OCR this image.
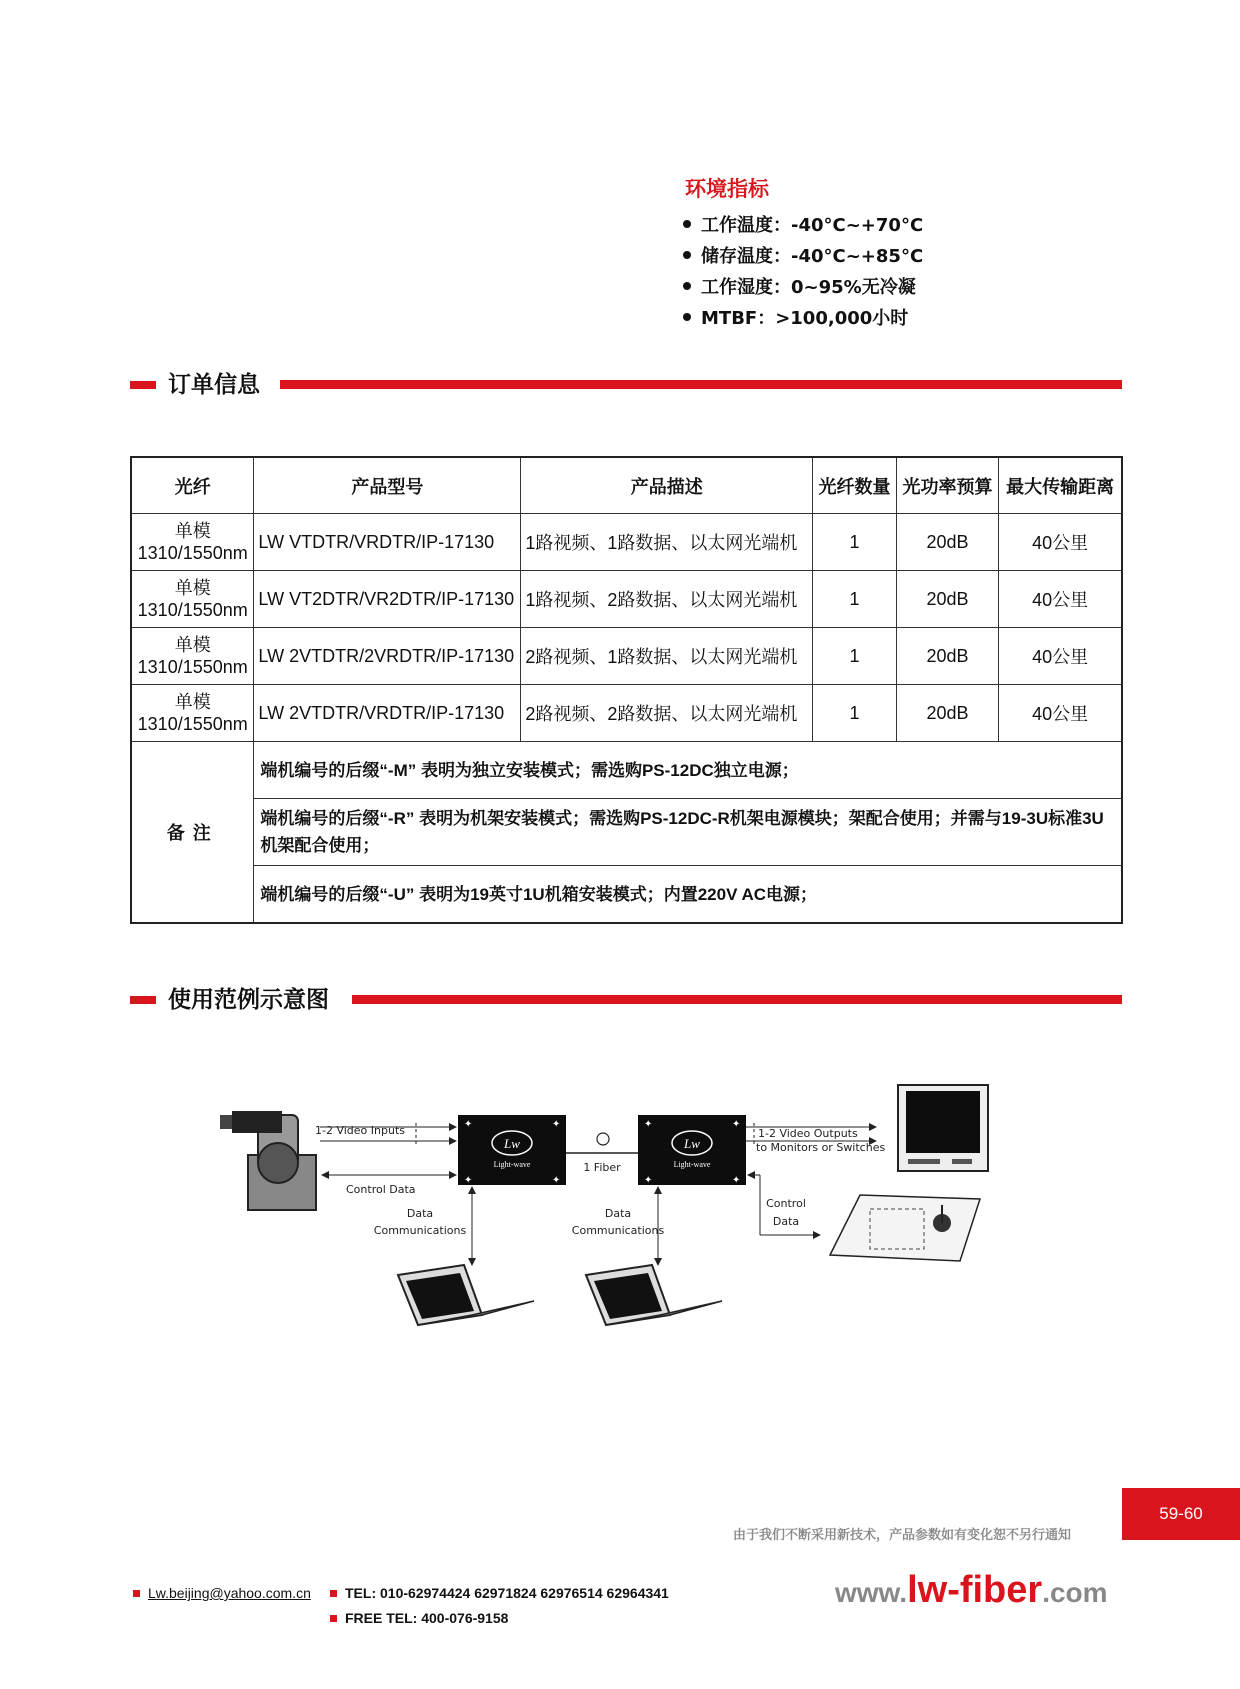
环境指标
工作温度：-40°C~+70°C
储存温度：-40°C~+85°C
工作湿度：0~95%无冷凝
MTBF：>100,000小时
订单信息
光纤	产品型号	产品描述	光纤数量	光功率预算	最大传输距离

单模
1310/1550nm	LW VTDTR/VRDTR/IP-17130	1路视频、1路数据、以太网光端机	1	20dB	40公里

单模
1310/1550nm	LW VT2DTR/VR2DTR/IP-17130	1路视频、2路数据、以太网光端机	1	20dB	40公里

单模
1310/1550nm	LW 2VTDTR/2VRDTR/IP-17130	2路视频、1路数据、以太网光端机	1	20dB	40公里

单模
1310/1550nm	LW 2VTDTR/VRDTR/IP-17130	2路视频、2路数据、以太网光端机	1	20dB	40公里
备注	端机编号的后缀“-M” 表明为独立安装模式；需选购PS-12DC独立电源；				
	端机编号的后缀“-R” 表明为机架安装模式；需选购PS-12DC-R机架电源模块；架配合使用；并需与19-3U标准3U机架配合使用；				
	端机编号的后缀“-U” 表明为19英寸1U机箱安装模式；内置220V AC电源；				
使用范例示意图
Lw
Light-wave
✦	✦
✦	✦
Lw
Light-wave
✦	✦
✦	✦
1 Fiber
1-2 Video Inputs
Control Data
1-2 Video Outputs
to Monitors or Switches
Control
Data
Data
Communications
Data
Communications
59-60
由于我们不断采用新技术，产品参数如有变化恕不另行通知
Lw.beijing@yahoo.com.cn	TEL: 010-62974424 62971824 62976514 62964341
FREE TEL: 400-076-9158
www.lw-fiber.com
